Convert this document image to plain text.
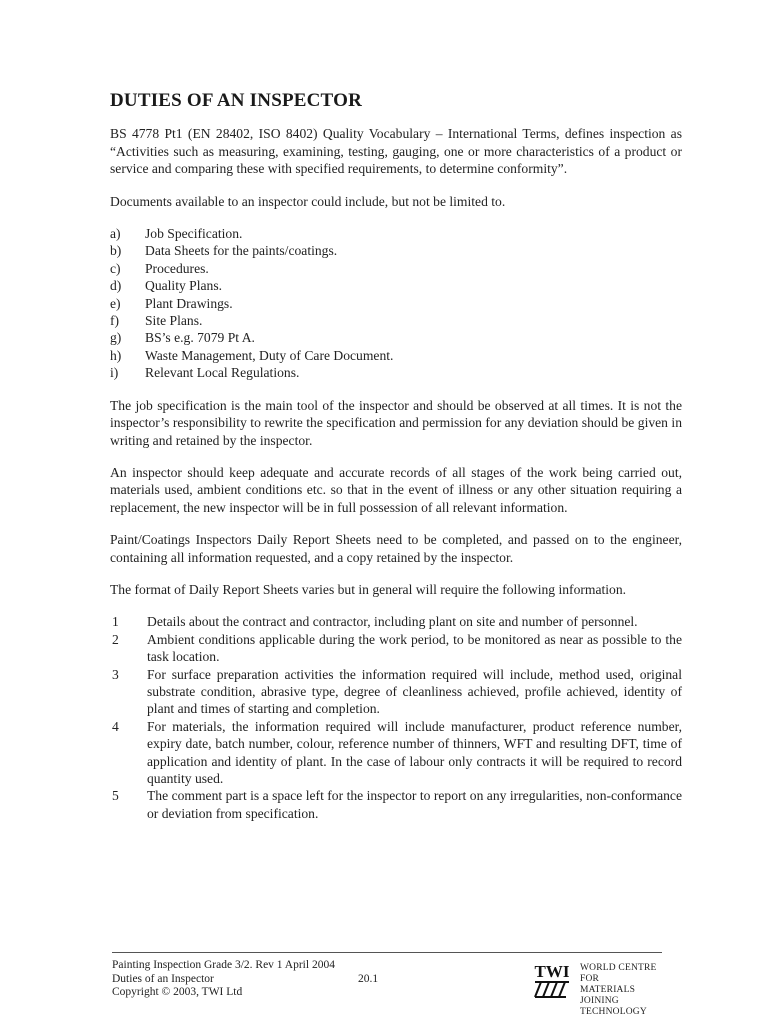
DUTIES OF AN INSPECTOR

BS 4778 Pt1 (EN 28402, ISO 8402) Quality Vocabulary – International Terms, defines inspection as “Activities such as measuring, examining, testing, gauging, one or more characteristics of a product or service and comparing these with specified requirements, to determine conformity”.

Documents available to an inspector could include, but not be limited to.

a)	Job Specification.
b)	Data Sheets for the paints/coatings.
c)	Procedures.
d)	Quality Plans.
e)	Plant Drawings.
f)	Site Plans.
g)	BS’s e.g. 7079 Pt A.
h)	Waste Management, Duty of Care Document.
i)	Relevant Local Regulations.

The job specification is the main tool of the inspector and should be observed at all times. It is not the inspector’s responsibility to rewrite the specification and permission for any deviation should be given in writing and retained by the inspector.

An inspector should keep adequate and accurate records of all stages of the work being carried out, materials used, ambient conditions etc. so that in the event of illness or any other situation requiring a replacement, the new inspector will be in full possession of all relevant information.

Paint/Coatings Inspectors Daily Report Sheets need to be completed, and passed on to the engineer, containing all information requested, and a copy retained by the inspector.

The format of Daily Report Sheets varies but in general will require the following information.

1	Details about the contract and contractor, including plant on site and number of personnel.
2	Ambient conditions applicable during the work period, to be monitored as near as possible to the task location.
3	For surface preparation activities the information required will include, method used, original substrate condition, abrasive type, degree of cleanliness achieved, profile achieved, identity of plant and times of starting and completion.
4	For materials, the information required will include manufacturer, product reference number, expiry date, batch number, colour, reference number of thinners, WFT and resulting DFT, time of application and identity of plant. In the case of labour only contracts it will be required to record quantity used.
5	The comment part is a space left for the inspector to report on any irregularities, non-conformance or deviation from specification.
Painting Inspection Grade 3/2. Rev 1 April 2004
Duties of an Inspector
Copyright © 2003, TWI Ltd
20.1	TWI WORLD CENTRE FOR
MATERIALS JOINING
TECHNOLOGY
